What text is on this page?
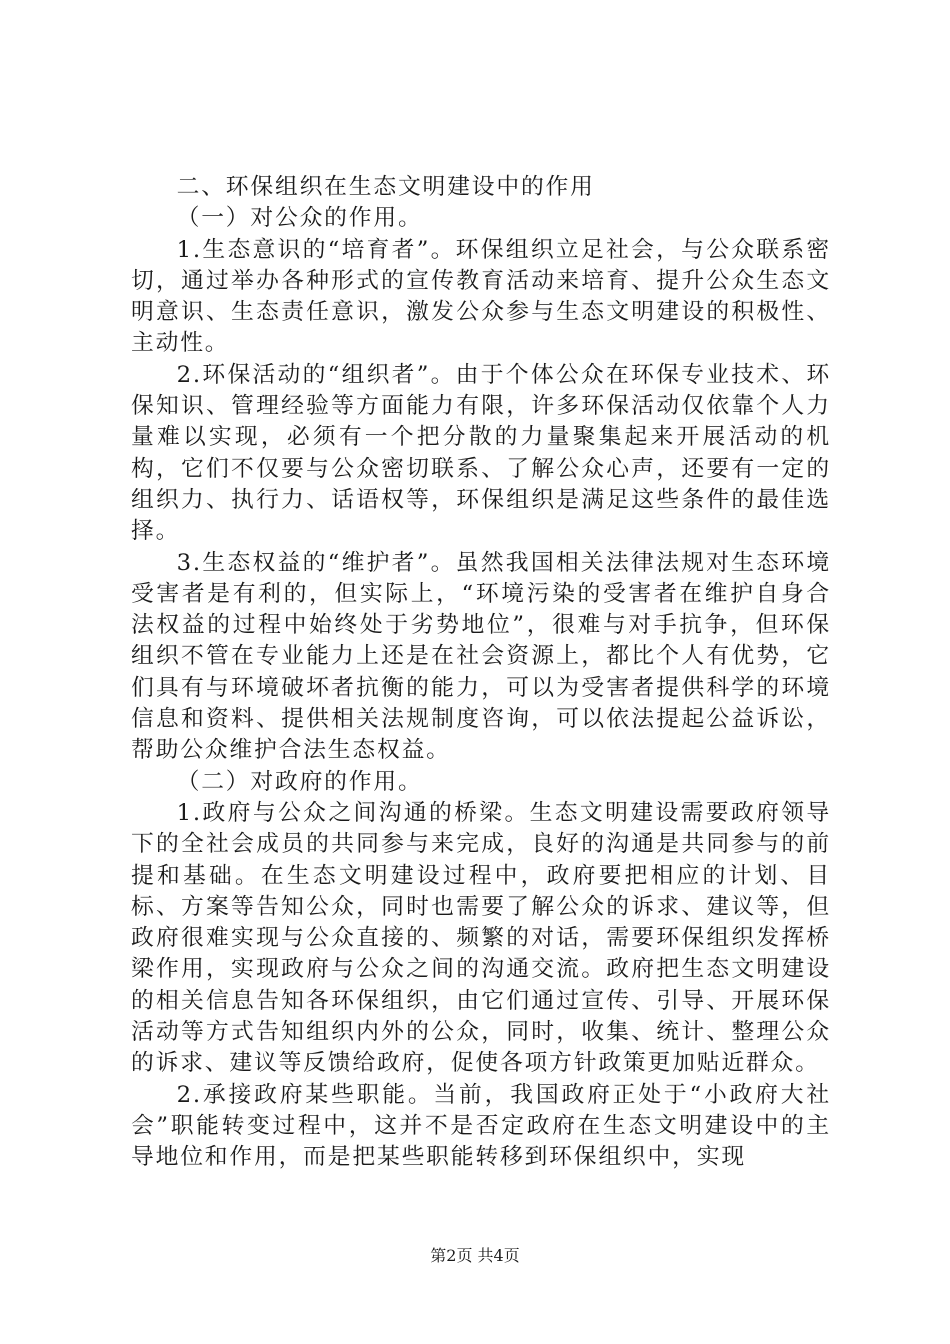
二、环保组织在生态文明建设中的作用

（一）对公众的作用。

1.生态意识的“培育者”。环保组织立足社会，与公众联系密切，通过举办各种形式的宣传教育活动来培育、提升公众生态文明意识、生态责任意识，激发公众参与生态文明建设的积极性、主动性。

2.环保活动的“组织者”。由于个体公众在环保专业技术、环保知识、管理经验等方面能力有限，许多环保活动仅依靠个人力量难以实现，必须有一个把分散的力量聚集起来开展活动的机构，它们不仅要与公众密切联系、了解公众心声，还要有一定的组织力、执行力、话语权等，环保组织是满足这些条件的最佳选择。

3.生态权益的“维护者”。虽然我国相关法律法规对生态环境受害者是有利的，但实际上，“环境污染的受害者在维护自身合法权益的过程中始终处于劣势地位”，很难与对手抗争，但环保组织不管在专业能力上还是在社会资源上，都比个人有优势，它们具有与环境破坏者抗衡的能力，可以为受害者提供科学的环境信息和资料、提供相关法规制度咨询，可以依法提起公益诉讼，帮助公众维护合法生态权益。

（二）对政府的作用。

1.政府与公众之间沟通的桥梁。生态文明建设需要政府领导下的全社会成员的共同参与来完成，良好的沟通是共同参与的前提和基础。在生态文明建设过程中，政府要把相应的计划、目标、方案等告知公众，同时也需要了解公众的诉求、建议等，但政府很难实现与公众直接的、频繁的对话，需要环保组织发挥桥梁作用，实现政府与公众之间的沟通交流。政府把生态文明建设的相关信息告知各环保组织，由它们通过宣传、引导、开展环保活动等方式告知组织内外的公众，同时，收集、统计、整理公众的诉求、建议等反馈给政府，促使各项方针政策更加贴近群众。

2.承接政府某些职能。当前，我国政府正处于“小政府大社会”职能转变过程中，这并不是否定政府在生态文明建设中的主导地位和作用，而是把某些职能转移到环保组织中，实现

第2页 共4页
